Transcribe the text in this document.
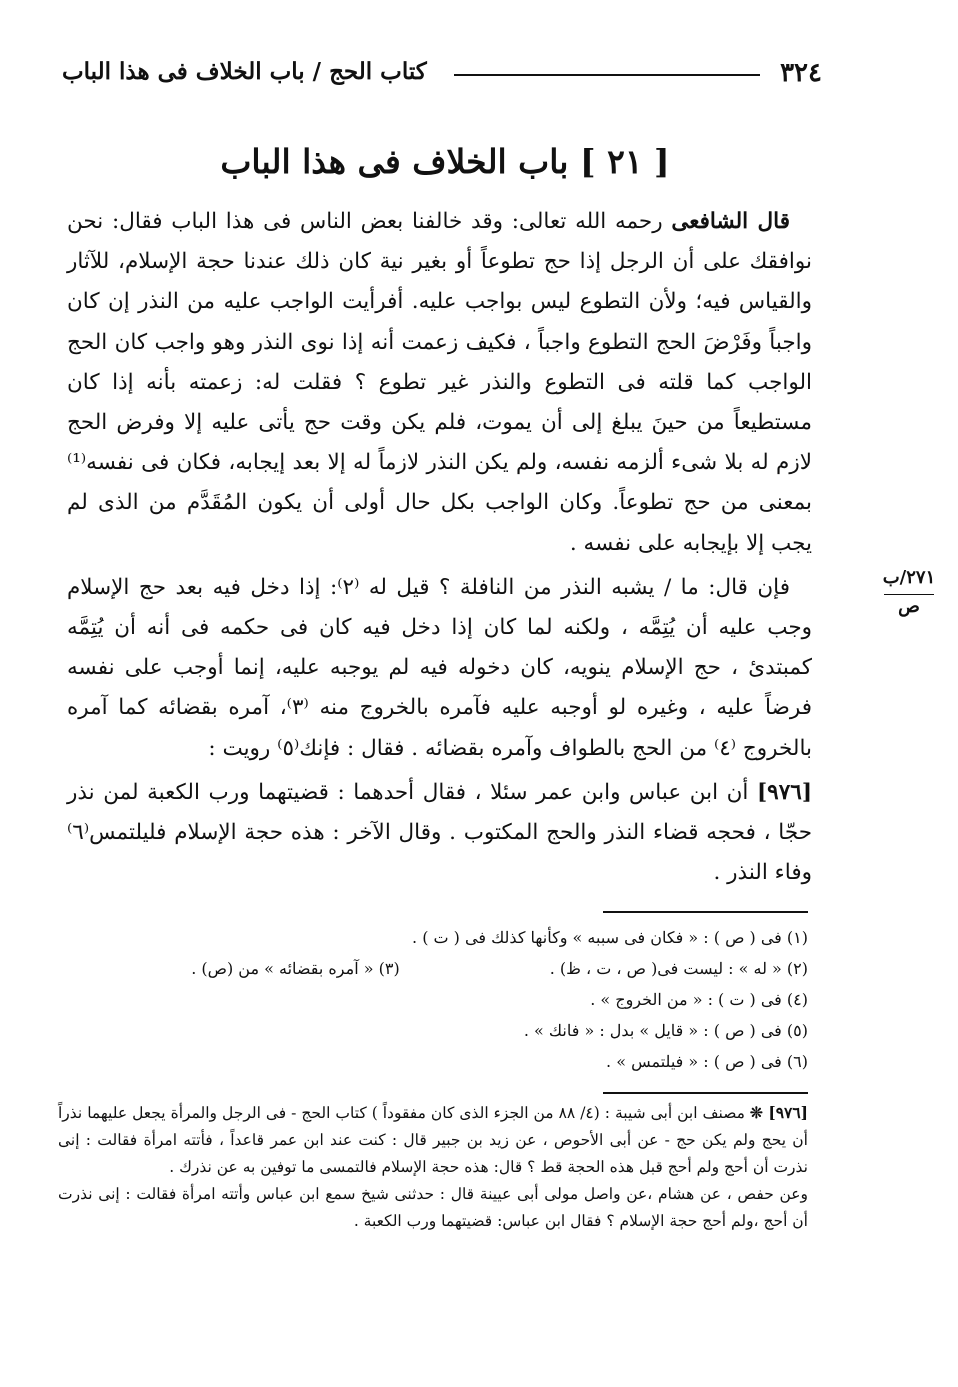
٣٢٤
كتاب الحج / باب الخلاف فى هذا الباب
[ ٢١ ] باب الخلاف فى هذا الباب

قال الشافعى رحمه الله تعالى: وقد خالفنا بعض الناس فى هذا الباب فقال: نحن نوافقك على أن الرجل إذا حج تطوعاً أو بغير نية كان ذلك عندنا حجة الإسلام، للآثار والقياس فيه؛ ولأن التطوع ليس بواجب عليه. أفرأيت الواجب عليه من النذر إن كان واجباً وفَرْضَ الحج التطوع واجباً ، فكيف زعمت أنه إذا نوى النذر وهو واجب كان الحج الواجب كما قلته فى التطوع والنذر غير تطوع ؟ فقلت له: زعمته بأنه إذا كان مستطيعاً من حينَ يبلغ إلى أن يموت، فلم يكن وقت حج يأتى عليه إلا وفرض الحج لازم له بلا شىء ألزمه نفسه، ولم يكن النذر لازماً له إلا بعد إيجابه، فكان فى نفسه⁽¹⁾ بمعنى من حج تطوعاً. وكان الواجب بكل حال أولى أن يكون المُقَدَّم من الذى لم يجب إلا بإيجابه على نفسه .

فإن قال: ما / يشبه النذر من النافلة ؟ قيل له ⁽٢⁾: إذا دخل فيه بعد حج الإسلام وجب عليه أن يُتِمَّه ، ولكنه لما كان إذا دخل فيه كان فى حكمه فى أنه أن يُتِمَّه كمبتدئ ، حج الإسلام ينويه، كان دخوله فيه لم يوجبه عليه، إنما أوجب على نفسه فرضاً عليه ، وغيره لو أوجبه عليه فآمره بالخروج منه ⁽٣⁾، آمره بقضائه كما آمره بالخروج ⁽٤⁾ من الحج بالطواف وآمره بقضائه . فقال : فإنك⁽٥⁾ رويت :

[٩٧٦] أن ابن عباس وابن عمر سئلا ، فقال أحدهما : قضيتهما ورب الكعبة لمن نذر حجّا ، فحجه قضاء النذر والحج المكتوب . وقال الآخر : هذه حجة الإسلام فليلتمس⁽٦⁾ وفاء النذر .

٢٧١/ب
ص
(١) فى ( ص ) : « فكان فى سببه » وكأنها كذلك فى ( ت ) .
(٢) « له » : ليست فى( ص ، ت ، ظ) .
(٣) « آمره بقضائه » من (ص) .
(٤) فى ( ت ) : « من الخروج » .
(٥) فى ( ص ) : « قايل » بدل : « فانك » .
(٦) فى ( ص ) : « فيلتمس » .

[٩٧٦] ❊ مصنف ابن أبى شيبة : (٤/ ٨٨ من الجزء الذى كان مفقوداً ) كتاب الحج - فى الرجل والمرأة يجعل عليهما نذراً أن يحج ولم يكن حج - عن أبى الأحوص ، عن زيد بن جبير قال : كنت عند ابن عمر قاعداً ، فأتته امرأة فقالت : إنى نذرت أن أحج ولم أحج قبل هذه الحجة قط ؟ قال: هذه حجة الإسلام فالتمسى ما توفين به عن نذرك .

وعن حفص ، عن هشام ،عن واصل مولى أبى عيينة قال : حدثنى شيخ سمع ابن عباس وأتته امرأة فقالت : إنى نذرت أن أحج ،ولم أحج حجة الإسلام ؟ فقال ابن عباس: قضيتهما ورب الكعبة .
